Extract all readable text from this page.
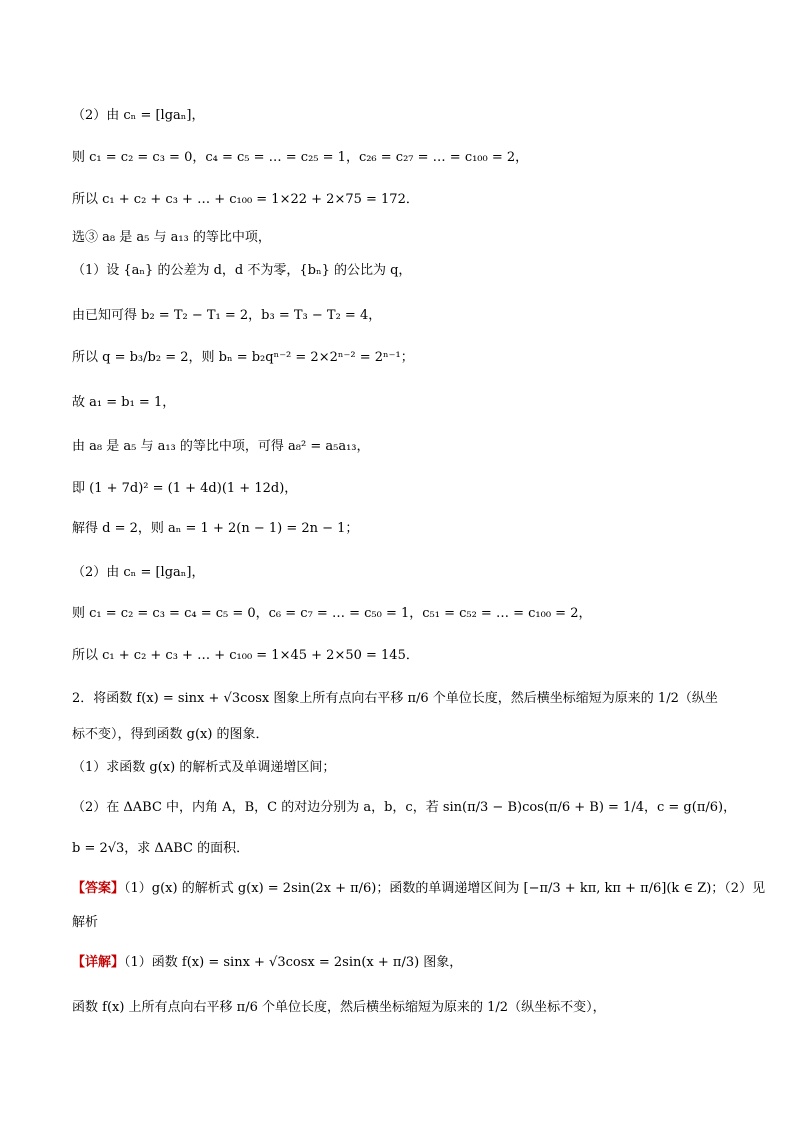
（2）由 cₙ = [lgaₙ]，
则 c₁ = c₂ = c₃ = 0，c₄ = c₅ = … = c₂₅ = 1，c₂₆ = c₂₇ = … = c₁₀₀ = 2，
所以 c₁ + c₂ + c₃ + … + c₁₀₀ = 1×22 + 2×75 = 172．
选③ a₈ 是 a₅ 与 a₁₃ 的等比中项，
（1）设 {aₙ} 的公差为 d，d 不为零，{bₙ} 的公比为 q，
由已知可得 b₂ = T₂ − T₁ = 2，b₃ = T₃ − T₂ = 4，
所以 q = b₃/b₂ = 2，则 bₙ = b₂qⁿ⁻² = 2×2ⁿ⁻² = 2ⁿ⁻¹；
故 a₁ = b₁ = 1，
由 a₈ 是 a₅ 与 a₁₃ 的等比中项，可得 a₈² = a₅a₁₃，
即 (1 + 7d)² = (1 + 4d)(1 + 12d)，
解得 d = 2，则 aₙ = 1 + 2(n − 1) = 2n − 1；
（2）由 cₙ = [lgaₙ]，
则 c₁ = c₂ = c₃ = c₄ = c₅ = 0，c₆ = c₇ = … = c₅₀ = 1，c₅₁ = c₅₂ = … = c₁₀₀ = 2，
所以 c₁ + c₂ + c₃ + … + c₁₀₀ = 1×45 + 2×50 = 145．
2．将函数 f(x) = sinx + √3cosx 图象上所有点向右平移 π/6 个单位长度，然后横坐标缩短为原来的 1/2（纵坐
标不变），得到函数 g(x) 的图象．
（1）求函数 g(x) 的解析式及单调递增区间；
（2）在 ΔABC 中，内角 A，B，C 的对边分别为 a，b，c，若 sin(π/3 − B)cos(π/6 + B) = 1/4，c = g(π/6)，
b = 2√3，求 ΔABC 的面积．
【答案】（1）g(x) 的解析式 g(x) = 2sin(2x + π/6)；函数的单调递增区间为 [−π/3 + kπ, kπ + π/6](k ∈ Z)；（2）见
解析
【详解】（1）函数 f(x) = sinx + √3cosx = 2sin(x + π/3) 图象，
函数 f(x) 上所有点向右平移 π/6 个单位长度，然后横坐标缩短为原来的 1/2（纵坐标不变），
